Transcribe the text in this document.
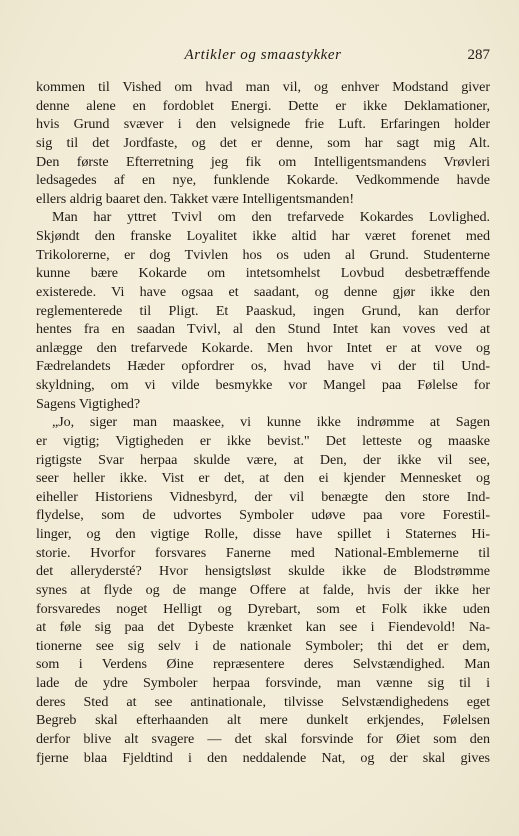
Artikler og smaastykker	287
kommen til Vished om hvad man vil, og enhver Modstand giver
denne alene en fordoblet Energi. Dette er ikke Deklamationer,
hvis Grund svæver i den velsignede frie Luft. Erfaringen holder
sig til det Jordfaste, og det er denne, som har sagt mig Alt.
Den første Efterretning jeg fik om Intelligentsmandens Vrøvleri
ledsagedes af en nye, funklende Kokarde. Vedkommende havde
ellers aldrig baaret den. Takket være Intelligentsmanden!
Man har yttret Tvivl om den trefarvede Kokardes Lovlighed.
Skjøndt den franske Loyalitet ikke altid har været forenet med
Trikolorerne, er dog Tvivlen hos os uden al Grund. Studenterne
kunne bære Kokarde om intetsomhelst Lovbud desbetræffende
existerede. Vi have ogsaa et saadant, og denne gjør ikke den
reglementerede til Pligt. Et Paaskud, ingen Grund, kan derfor
hentes fra en saadan Tvivl, al den Stund Intet kan voves ved at
anlægge den trefarvede Kokarde. Men hvor Intet er at vove og
Fædrelandets Hæder opfordrer os, hvad have vi der til Und-
skyldning, om vi vilde besmykke vor Mangel paa Følelse for
Sagens Vigtighed?
„Jo, siger man maaskee, vi kunne ikke indrømme at Sagen
er vigtig; Vigtigheden er ikke bevist." Det letteste og maaske
rigtigste Svar herpaa skulde være, at Den, der ikke vil see,
seer heller ikke. Vist er det, at den ei kjender Mennesket og
eiheller Historiens Vidnesbyrd, der vil benægte den store Ind-
flydelse, som de udvortes Symboler udøve paa vore Forestil-
linger, og den vigtige Rolle, disse have spillet i Staternes Hi-
storie. Hvorfor forsvares Fanerne med National-Emblemerne til
det allerydersté? Hvor hensigtsløst skulde ikke de Blodstrømme
synes at flyde og de mange Offere at falde, hvis der ikke her
forsvaredes noget Helligt og Dyrebart, som et Folk ikke uden
at føle sig paa det Dybeste krænket kan see i Fiendevold! Na-
tionerne see sig selv i de nationale Symboler; thi det er dem,
som i Verdens Øine repræsentere deres Selvstændighed. Man
lade de ydre Symboler herpaa forsvinde, man vænne sig til i
deres Sted at see antinationale, tilvisse Selvstændighedens eget
Begreb skal efterhaanden alt mere dunkelt erkjendes, Følelsen
derfor blive alt svagere — det skal forsvinde for Øiet som den
fjerne blaa Fjeldtind i den neddalende Nat, og der skal gives
